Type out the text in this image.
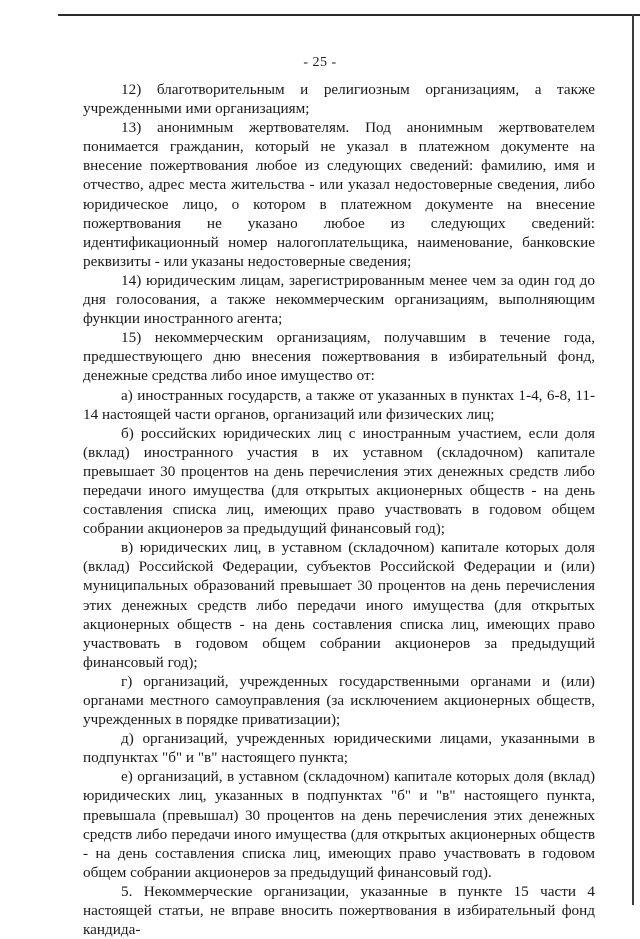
- 25 -

12) благотворительным и религиозным организациям, а также учрежденными ими организациям;

13) анонимным жертвователям. Под анонимным жертвователем понимается гражданин, который не указал в платежном документе на внесение пожертвования любое из следующих сведений: фамилию, имя и отчество, адрес места жительства - или указал недостоверные сведения, либо юридическое лицо, о котором в платежном документе на внесение пожертвования не указано любое из следующих сведений: идентификационный номер налогоплательщика, наименование, банковские реквизиты - или указаны недостоверные сведения;

14) юридическим лицам, зарегистрированным менее чем за один год до дня голосования, а также некоммерческим организациям, выполняющим функции иностранного агента;

15) некоммерческим организациям, получавшим в течение года, предшествующего дню внесения пожертвования в избирательный фонд, денежные средства либо иное имущество от:

а) иностранных государств, а также от указанных в пунктах 1-4, 6-8, 11-14 настоящей части органов, организаций или физических лиц;

б) российских юридических лиц с иностранным участием, если доля (вклад) иностранного участия в их уставном (складочном) капитале превышает 30 процентов на день перечисления этих денежных средств либо передачи иного имущества (для открытых акционерных обществ - на день составления списка лиц, имеющих право участвовать в годовом общем собрании акционеров за предыдущий финансовый год);

в) юридических лиц, в уставном (складочном) капитале которых доля (вклад) Российской Федерации, субъектов Российской Федерации и (или) муниципальных образований превышает 30 процентов на день перечисления этих денежных средств либо передачи иного имущества (для открытых акционерных обществ - на день составления списка лиц, имеющих право участвовать в годовом общем собрании акционеров за предыдущий финансовый год);

г) организаций, учрежденных государственными органами и (или) органами местного самоуправления (за исключением акционерных обществ, учрежденных в порядке приватизации);

д) организаций, учрежденных юридическими лицами, указанными в подпунктах "б" и "в" настоящего пункта;

е) организаций, в уставном (складочном) капитале которых доля (вклад) юридических лиц, указанных в подпунктах "б" и "в" настоящего пункта, превышала (превышал) 30 процентов на день перечисления этих денежных средств либо передачи иного имущества (для открытых акционерных обществ - на день составления списка лиц, имеющих право участвовать в годовом общем собрании акционеров за предыдущий финансовый год).

5. Некоммерческие организации, указанные в пункте 15 части 4 настоящей статьи, не вправе вносить пожертвования в избирательный фонд кандида-
